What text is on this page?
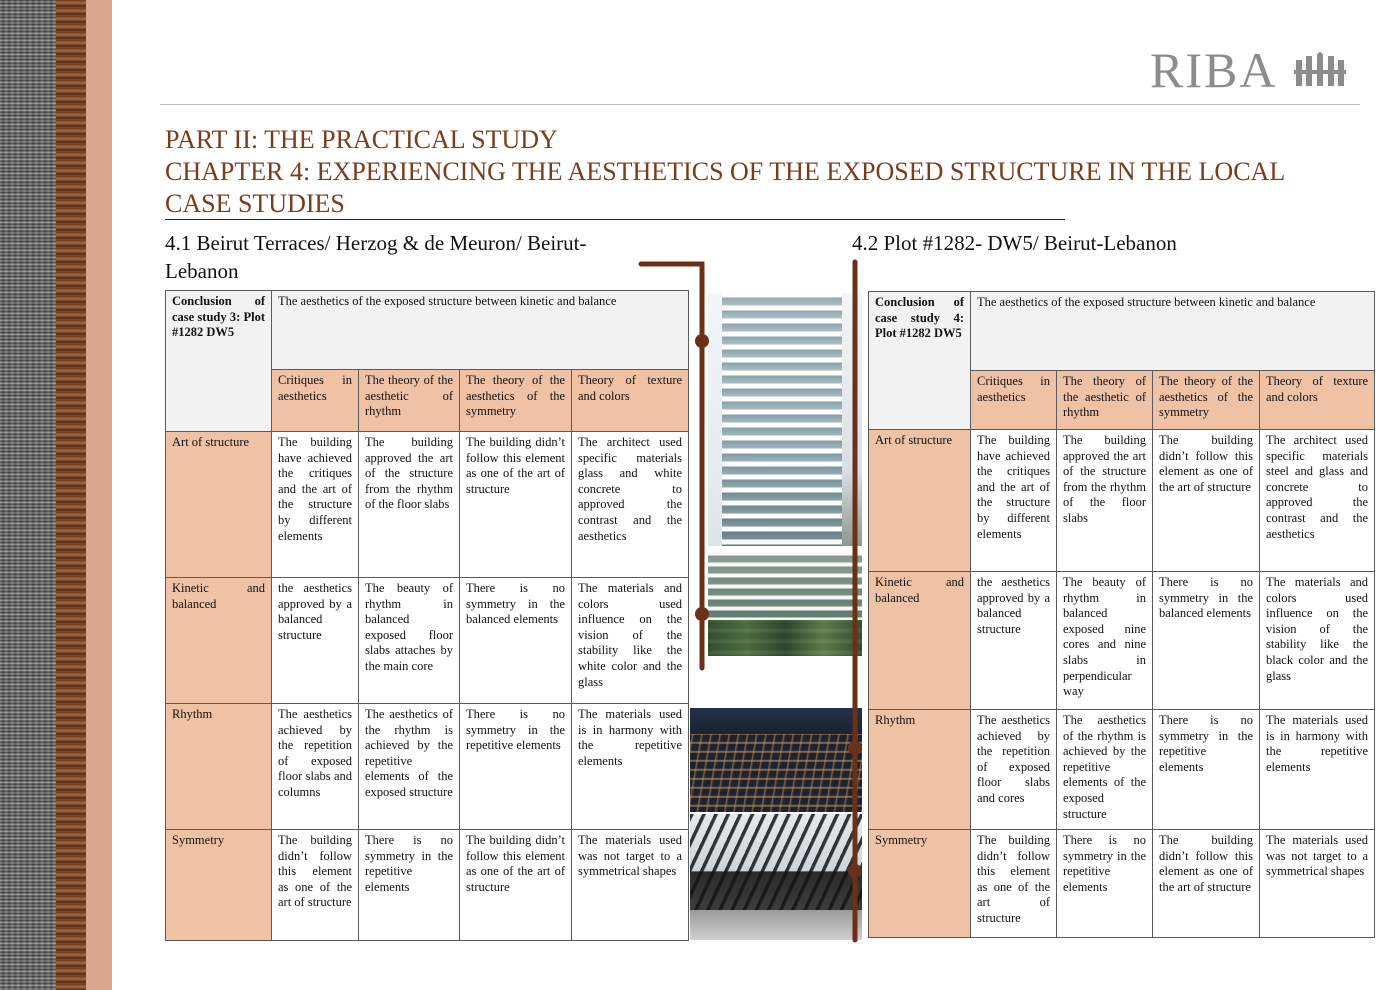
RIBA
PART II: THE PRACTICAL STUDY
CHAPTER 4: EXPERIENCING THE AESTHETICS OF THE EXPOSED STRUCTURE IN THE LOCAL CASE STUDIES
4.1 Beirut Terraces/ Herzog & de Meuron/ Beirut-Lebanon
4.2 Plot #1282- DW5/ Beirut-Lebanon
Conclusion of case study 3: Plot #1282 DW5	The aesthetics of the exposed structure between kinetic and balance			
	Critiques in aesthetics	The theory of the aesthetic of rhythm	The theory of the aesthetics of the symmetry	Theory of texture and colors
Art of structure	The building have achieved the critiques and the art of the structure by different elements	The building approved the art of the structure from the rhythm of the floor slabs	The building didn’t follow this element as one of the art of structure	The architect used specific materials glass and white concrete to approved the contrast and the aesthetics
Kinetic and balanced	the aesthetics approved by a balanced structure	The beauty of rhythm in balanced exposed floor slabs attaches by the main core	There is no symmetry in the balanced elements	The materials and colors used influence on the vision of the stability like the white color and the glass
Rhythm	The aesthetics achieved by the repetition of exposed floor slabs and columns	The aesthetics of the rhythm is achieved by the repetitive elements of the exposed structure	There is no symmetry in the repetitive elements	The materials used is in harmony with the repetitive elements
Symmetry	The building didn’t follow this element as one of the art of structure	There is no symmetry in the repetitive elements	The building didn’t follow this element as one of the art of structure	The materials used was not target to a symmetrical shapes
Conclusion of case study 4: Plot #1282 DW5	The aesthetics of the exposed structure between kinetic and balance			
	Critiques in aesthetics	The theory of the aesthetic of rhythm	The theory of the aesthetics of the symmetry	Theory of texture and colors
Art of structure	The building have achieved the critiques and the art of the structure by different elements	The building approved the art of the structure from the rhythm of the floor slabs	The building didn’t follow this element as one of the art of structure	The architect used specific materials steel and glass and concrete to approved the contrast and the aesthetics
Kinetic and balanced	the aesthetics approved by a balanced structure	The beauty of rhythm in balanced exposed nine cores and nine slabs in perpendicular way	There is no symmetry in the balanced elements	The materials and colors used influence on the vision of the stability like the black color and the glass
Rhythm	The aesthetics achieved by the repetition of exposed floor slabs and cores	The aesthetics of the rhythm is achieved by the repetitive elements of the exposed structure	There is no symmetry in the repetitive elements	The materials used is in harmony with the repetitive elements
Symmetry	The building didn’t follow this element as one of the art of structure	There is no symmetry in the repetitive elements	The building didn’t follow this element as one of the art of structure	The materials used was not target to a symmetrical shapes
